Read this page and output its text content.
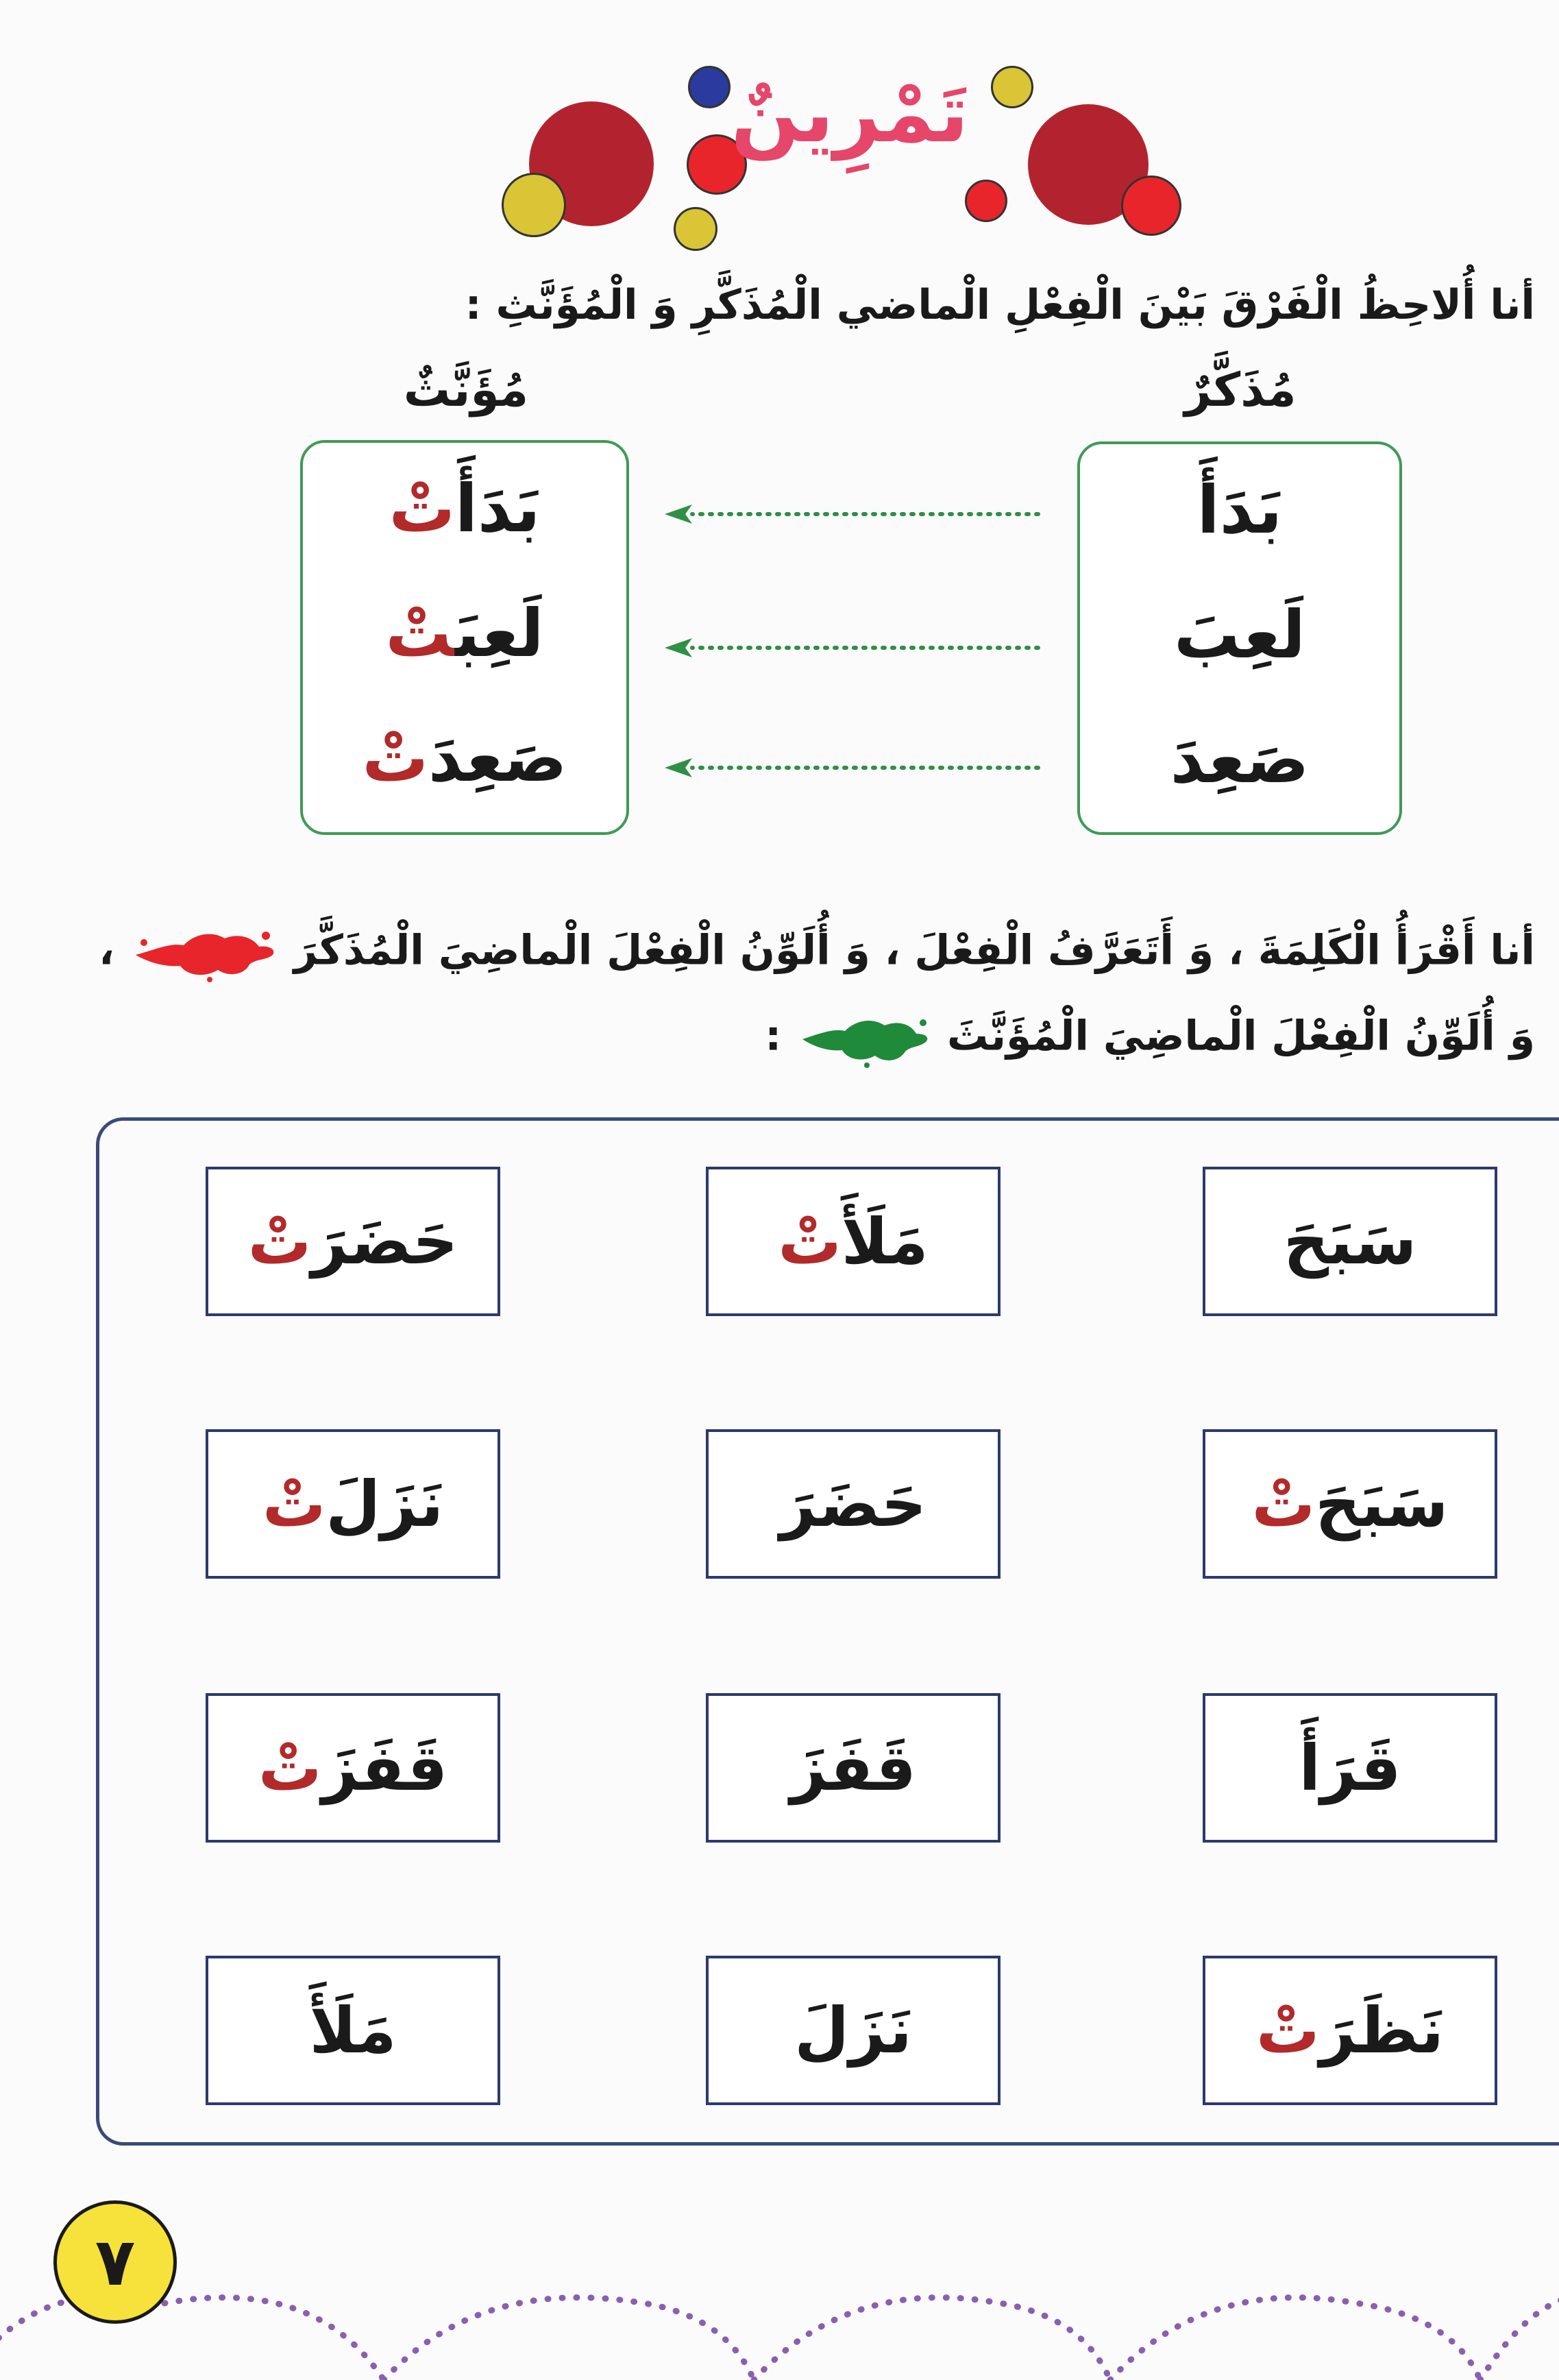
تَمْرِينٌ
أنا أُلاحِظُ الْفَرْقَ بَيْنَ الْفِعْلِ الْماضي الْمُذَكَّرِ وَ الْمُؤَنَّثِ :
مُذَكَّرٌ
مُؤَنَّثٌ
بَدَأَ
لَعِبَ
صَعِدَ
بَدَأَتْ
لَعِبَتْ
صَعِدَتْ
أنا أَقْرَأُ الْكَلِمَةَ ، وَ أَتَعَرَّفُ الْفِعْلَ ، وَ أُلَوِّنُ الْفِعْلَ الْماضِيَ الْمُذَكَّرَ  ،
وَ أُلَوِّنُ الْفِعْلَ الْماضِيَ الْمُؤَنَّثَ  :
سَبَحَ
مَلَأَ
تْ
حَضَرَ
تْ
سَبَحَ
تْ
حَضَرَ
نَزَلَ
تْ
قَرَأَ
قَفَزَ
قَفَزَ
تْ
نَظَرَ
تْ
نَزَلَ
مَلَأَ
٧
